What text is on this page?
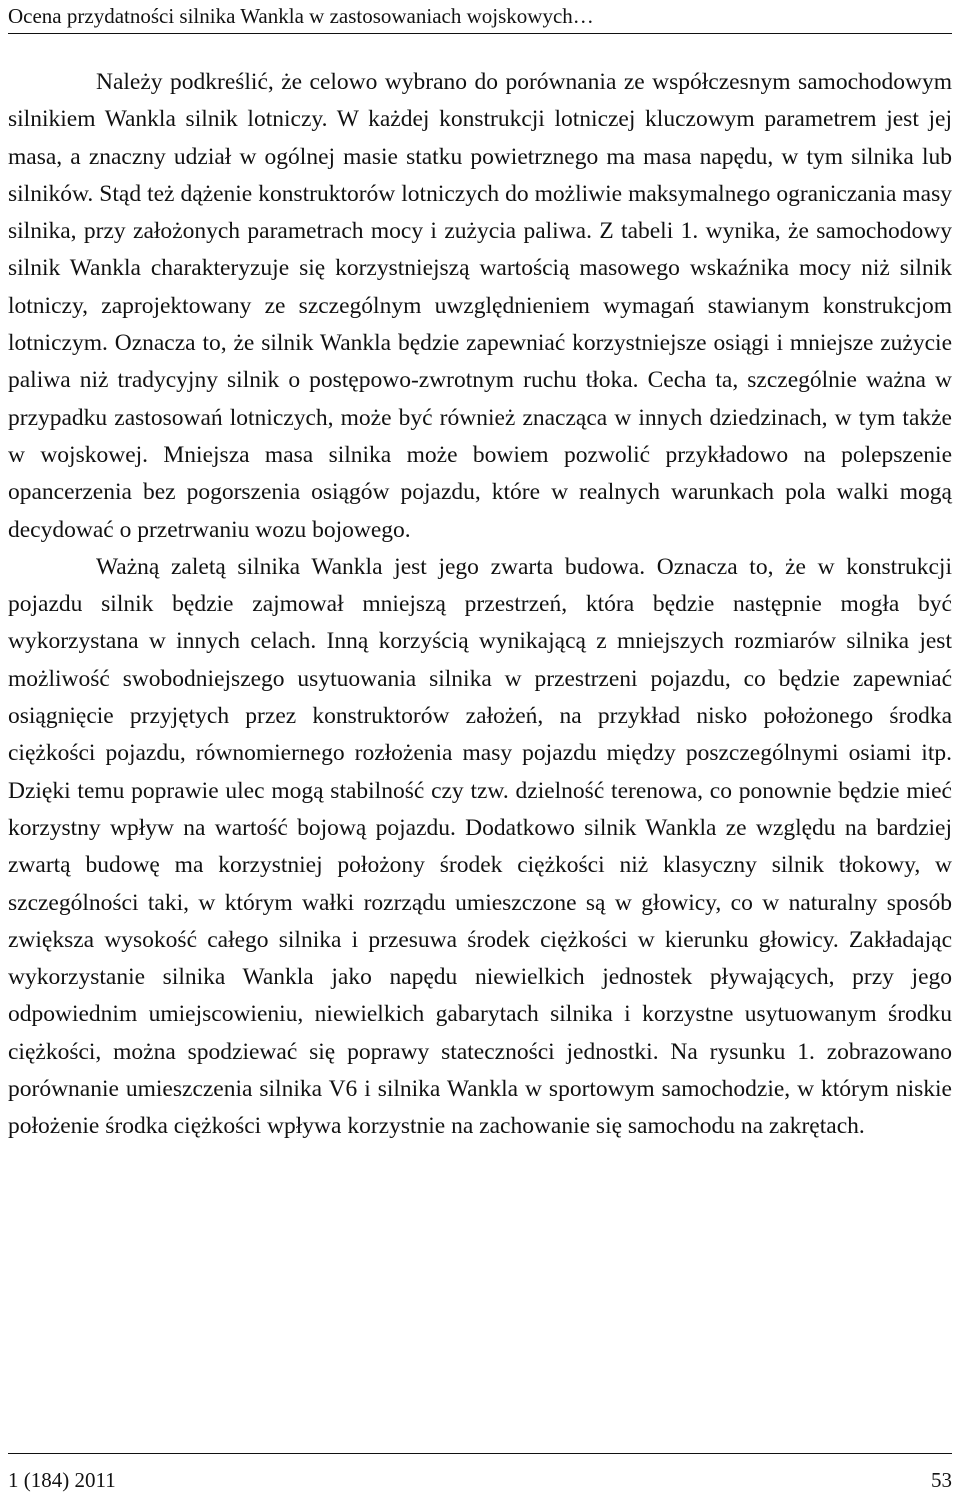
Ocena przydatności silnika Wankla w zastosowaniach wojskowych…

Należy podkreślić, że celowo wybrano do porównania ze współczesnym samochodowym silnikiem Wankla silnik lotniczy. W każdej konstrukcji lotniczej kluczowym parametrem jest jej masa, a znaczny udział w ogólnej masie statku powietrznego ma masa napędu, w tym silnika lub silników. Stąd też dążenie konstruktorów lotniczych do możliwie maksymalnego ograniczania masy silnika, przy założonych parametrach mocy i zużycia paliwa. Z tabeli 1. wynika, że samochodowy silnik Wankla charakteryzuje się korzystniejszą wartością masowego wskaźnika mocy niż silnik lotniczy, zaprojektowany ze szczególnym uwzględnieniem wymagań stawianym konstrukcjom lotniczym. Oznacza to, że silnik Wankla będzie zapewniać korzystniejsze osiągi i mniejsze zużycie paliwa niż tradycyjny silnik o postępowo-zwrotnym ruchu tłoka. Cecha ta, szczególnie ważna w przypadku zastosowań lotniczych, może być również znacząca w innych dziedzinach, w tym także w wojskowej. Mniejsza masa silnika może bowiem pozwolić przykładowo na polepszenie opancerzenia bez pogorszenia osiągów pojazdu, które w realnych warunkach pola walki mogą decydować o przetrwaniu wozu bojowego.

Ważną zaletą silnika Wankla jest jego zwarta budowa. Oznacza to, że w konstrukcji pojazdu silnik będzie zajmował mniejszą przestrzeń, która będzie następnie mogła być wykorzystana w innych celach. Inną korzyścią wynikającą z mniejszych rozmiarów silnika jest możliwość swobodniejszego usytuowania silnika w przestrzeni pojazdu, co będzie zapewniać osiągnięcie przyjętych przez konstruktorów założeń, na przykład nisko położonego środka ciężkości pojazdu, równomiernego rozłożenia masy pojazdu między poszczególnymi osiami itp. Dzięki temu poprawie ulec mogą stabilność czy tzw. dzielność terenowa, co ponownie będzie mieć korzystny wpływ na wartość bojową pojazdu. Dodatkowo silnik Wankla ze względu na bardziej zwartą budowę ma korzystniej położony środek ciężkości niż klasyczny silnik tłokowy, w szczególności taki, w którym wałki rozrządu umieszczone są w głowicy, co w naturalny sposób zwiększa wysokość całego silnika i przesuwa środek ciężkości w kierunku głowicy. Zakładając wykorzystanie silnika Wankla jako napędu niewielkich jednostek pływających, przy jego odpowiednim umiejscowieniu, niewielkich gabarytach silnika i korzystne usytuowanym środku ciężkości, można spodziewać się poprawy stateczności jednostki. Na rysunku 1. zobrazowano porównanie umieszczenia silnika V6 i silnika Wankla w sportowym samochodzie, w którym niskie położenie środka ciężkości wpływa korzystnie na zachowanie się samochodu na zakrętach.

1 (184) 2011	53
